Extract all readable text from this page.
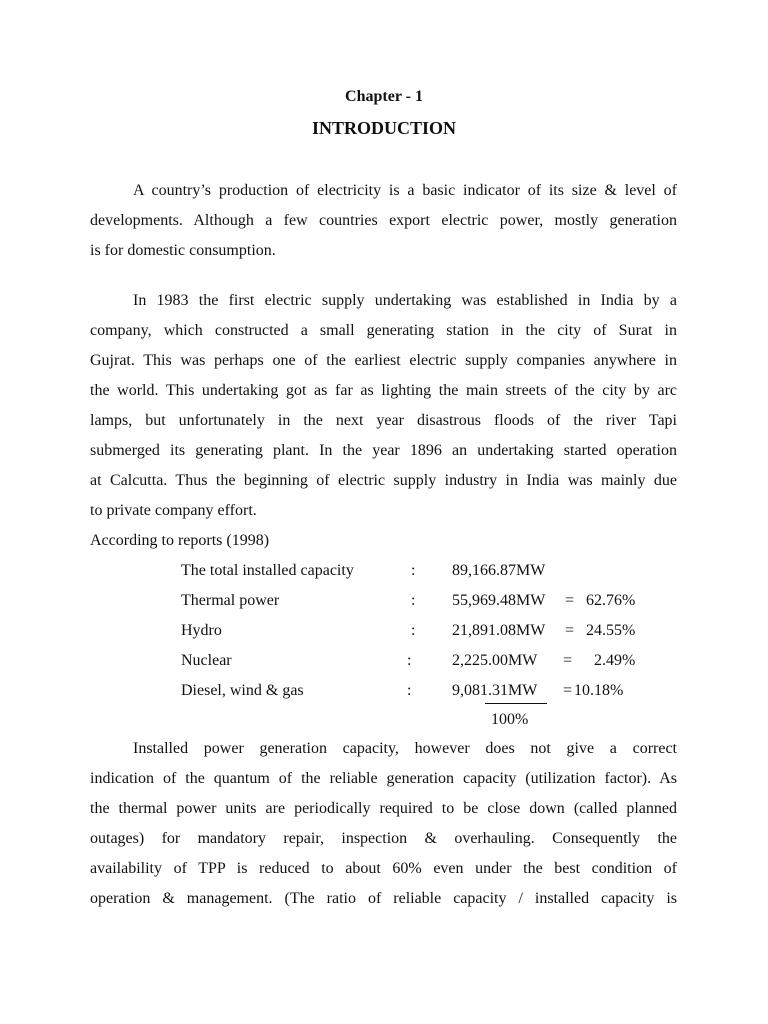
Chapter - 1
INTRODUCTION
A country’s production of electricity is a basic indicator of its size & level of
developments. Although a few countries export electric power, mostly generation
is for domestic consumption.
In 1983 the first electric supply undertaking was established in India by a
company, which constructed a small generating station in the city of Surat in
Gujrat. This was perhaps one of the earliest electric supply companies anywhere in
the world. This undertaking got as far as lighting the main streets of the city by arc
lamps, but unfortunately in the next year disastrous floods of the river Tapi
submerged its generating plant. In the year 1896 an undertaking started operation
at Calcutta. Thus the beginning of electric supply industry in India was mainly due
to private company effort.
According to reports (1998)
The total installed capacity	: 89,166.87MW
Thermal power	: 55,969.48MW = 62.76%
Hydro	: 21,891.08MW = 24.55%
Nuclear	:	2,225.00MW = 2.49%
Diesel, wind & gas	:	9,081.31MW = 10.18%
100%
Installed power generation capacity, however does not give a correct
indication of the quantum of the reliable generation capacity (utilization factor). As
the thermal power units are periodically required to be close down (called planned
outages) for mandatory repair, inspection & overhauling. Consequently the
availability of TPP is reduced to about 60% even under the best condition of
operation & management. (The ratio of reliable capacity / installed capacity is
